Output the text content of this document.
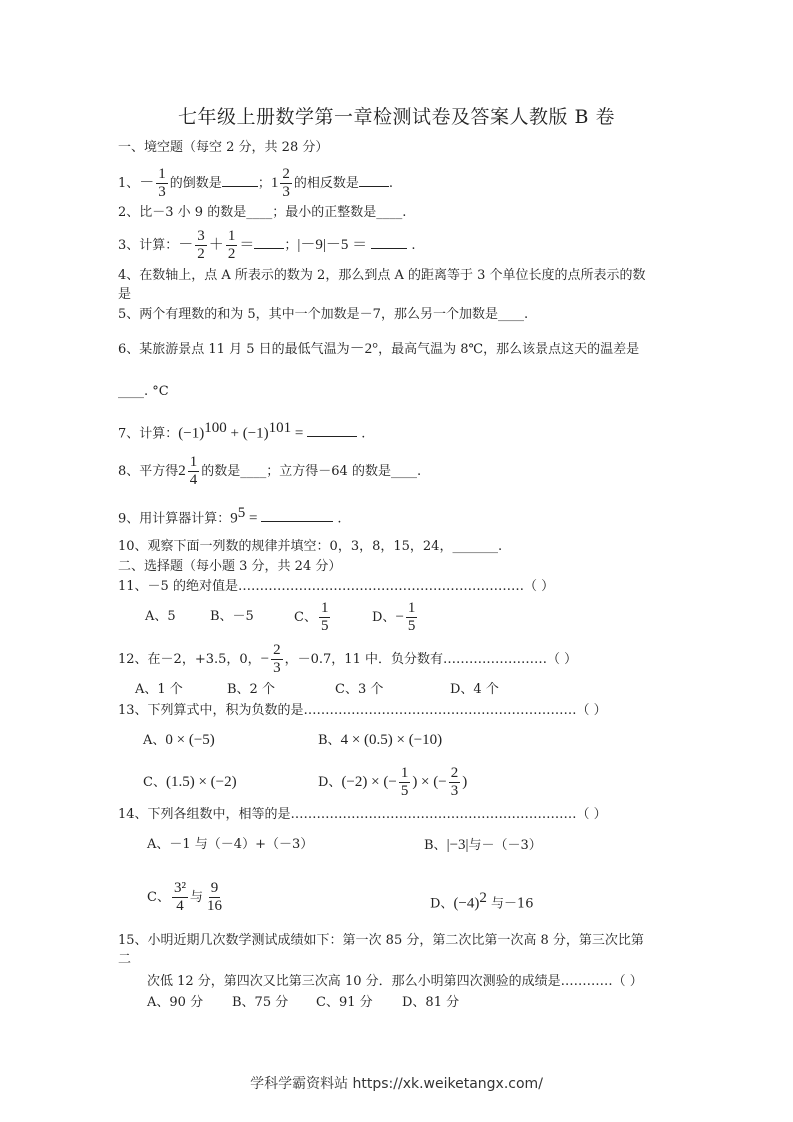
七年级上册数学第一章检测试卷及答案人教版 B 卷
一、境空题（每空 2 分，共 28 分）
1、－ $\frac{1}{3}$ 的倒数是	；$1 \frac{2}{3}$ 的相反数是 .
2、比－3 小 9 的数是____；最小的正整数是____.
3、计算：－ $\frac{3}{2} + \frac{1}{2}$ ＝ ；|－9|－5 ＝	.
4、在数轴上，点 A 所表示的数为 2，那么到点 A 的距离等于 3 个单位长度的点所表示的数
是
5、两个有理数的和为 5，其中一个加数是－7，那么另一个加数是____.
6、某旅游景点 11 月 5 日的最低气温为－2°，最高气温为 8℃，那么该景点这天的温差是
____. °C
7、计算：$(-1)^{100} + (-1)^{101}$ =	.
8、平方得$2 \frac{1}{4}$ 的数是____；立方得－64 的数是____.
9、用计算器计算：$9^5$ =	.
10、观察下面一列数的规律并填空：0，3，8，15，24，_______.
二、选择题（每小题 3 分，共 24 分）
11、－5 的绝对值是…………………………………………………………（ ）
A、5	B、－5	C、 $\frac{1}{5}$	D、− $\frac{1}{5}$
12、在－2，+3.5，0，− $\frac{2}{3}$ ，－0.7，11 中．负分数有……………………（ ）
A、1 个	B、2 个	C、3 个	D、4 个
13、下列算式中，积为负数的是………………………………………………………（ ）
A、0 × (−5)	B、4 × (0.5) × (−10)
C、(1.5) × (−2)	D、(−2) × (− $\frac{1}{5}$ ) × (− $\frac{2}{3}$ )
14、下列各组数中，相等的是…………………………………………………………（ ）
A、－1 与（－4）+（－3）	B、|−3|与－（－3）
C、 $\frac{\text{3²}}{4}$ 与 $\frac{9}{16}$	D、$(-4)^2$ 与－16
15、小明近期几次数学测试成绩如下：第一次 85 分，第二次比第一次高 8 分，第三次比第
二
次低 12 分，第四次又比第三次高 10 分．那么小明第四次测验的成绩是…………（ ）
A、90 分 B、75 分 C、91 分 D、81 分
学科学霸资料站 https://xk.weiketangx.com/
